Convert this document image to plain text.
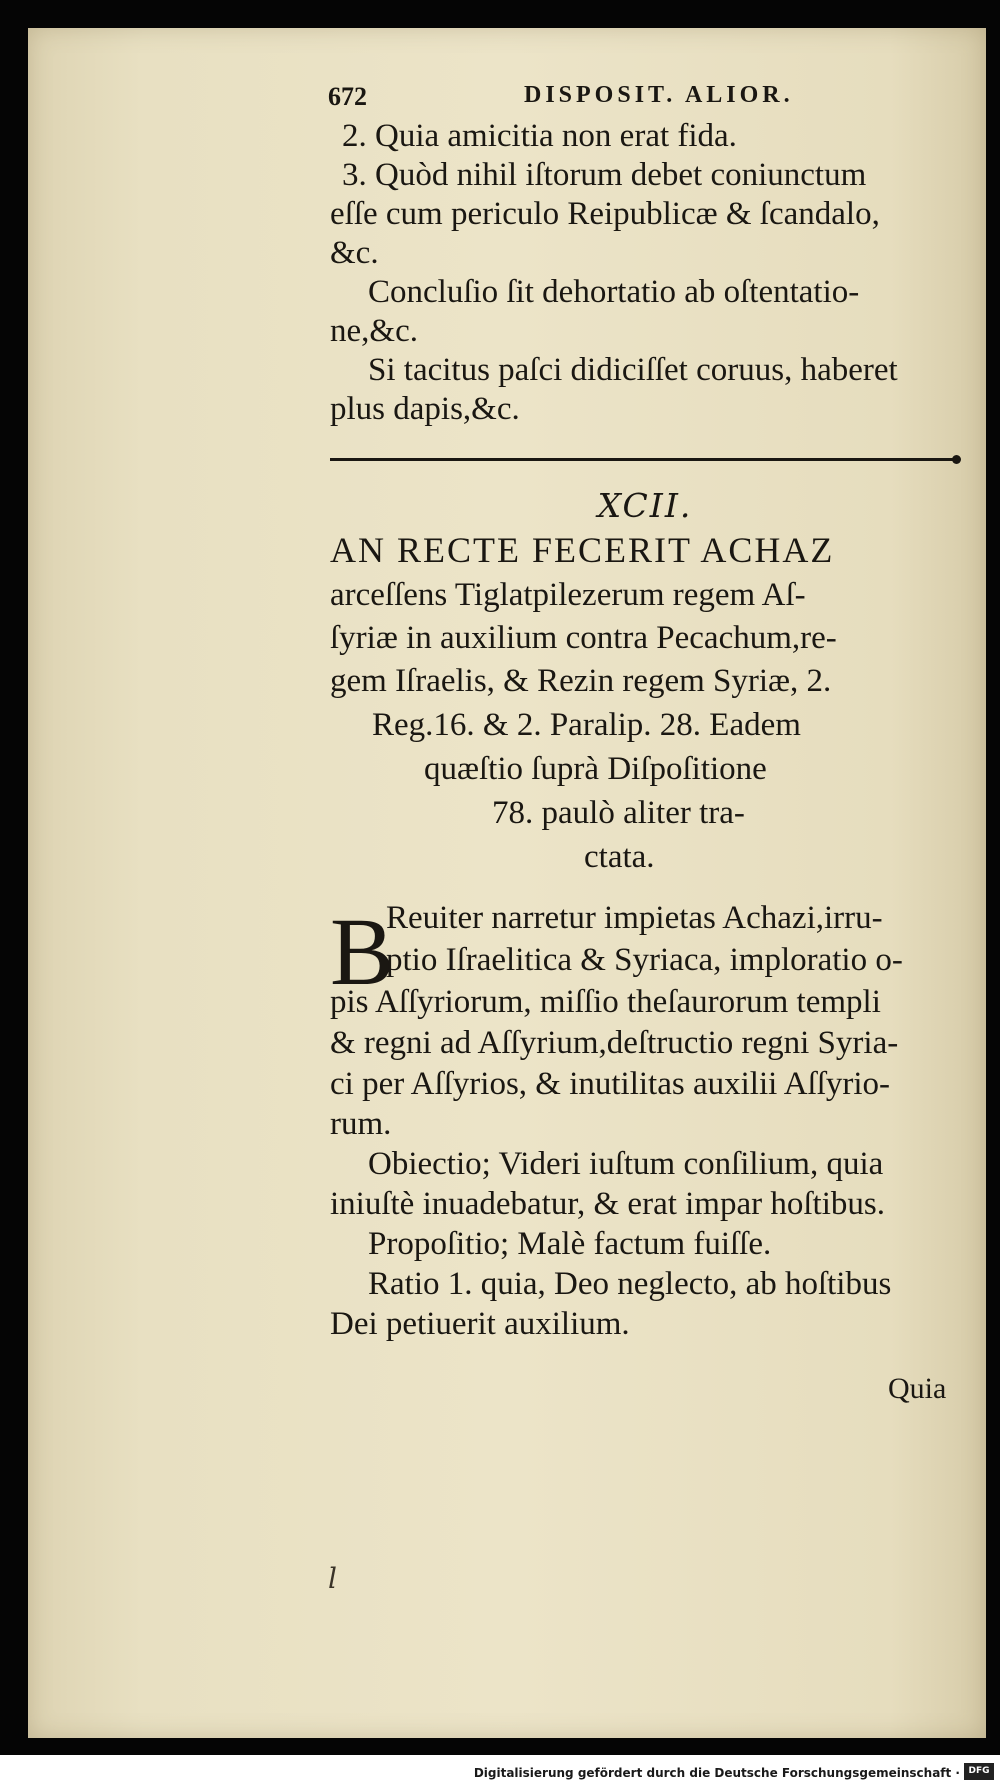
672	DISPOSIT. ALIOR.
2. Quia amicitia non erat fida.
3. Quòd nihil iſtorum debet coniunctum
eſſe cum periculo Reipublicæ & ſcandalo,
&c.
Concluſio ſit dehortatio ab oſtentatio-
ne,&c.
Si tacitus paſci didiciſſet coruus, haberet
plus dapis,&c.
XCII.
AN RECTE FECERIT ACHAZ
arceſſens Tiglatpilezerum regem Aſ-
ſyriæ in auxilium contra Pecachum,re-
gem Iſraelis, & Rezin regem Syriæ, 2.
Reg.16. & 2. Paralip. 28. Eadem
quæſtio ſuprà Diſpoſitione
78. paulò aliter tra-
ctata.
B
Reuiter narretur impietas Achazi,irru-
ptio Iſraelitica & Syriaca, imploratio o-
pis Aſſyriorum, miſſio theſaurorum templi
& regni ad Aſſyrium,deſtructio regni Syria-
ci per Aſſyrios, & inutilitas auxilii Aſſyrio-
rum.
Obiectio; Videri iuſtum conſilium, quia
iniuſtè inuadebatur, & erat impar hoſtibus.
Propoſitio; Malè factum fuiſſe.
Ratio 1. quia, Deo neglecto, ab hoſtibus
Dei petiuerit auxilium.
Quia
l
Digitalisierung gefördert durch die Deutsche Forschungsgemeinschaft · DFG
